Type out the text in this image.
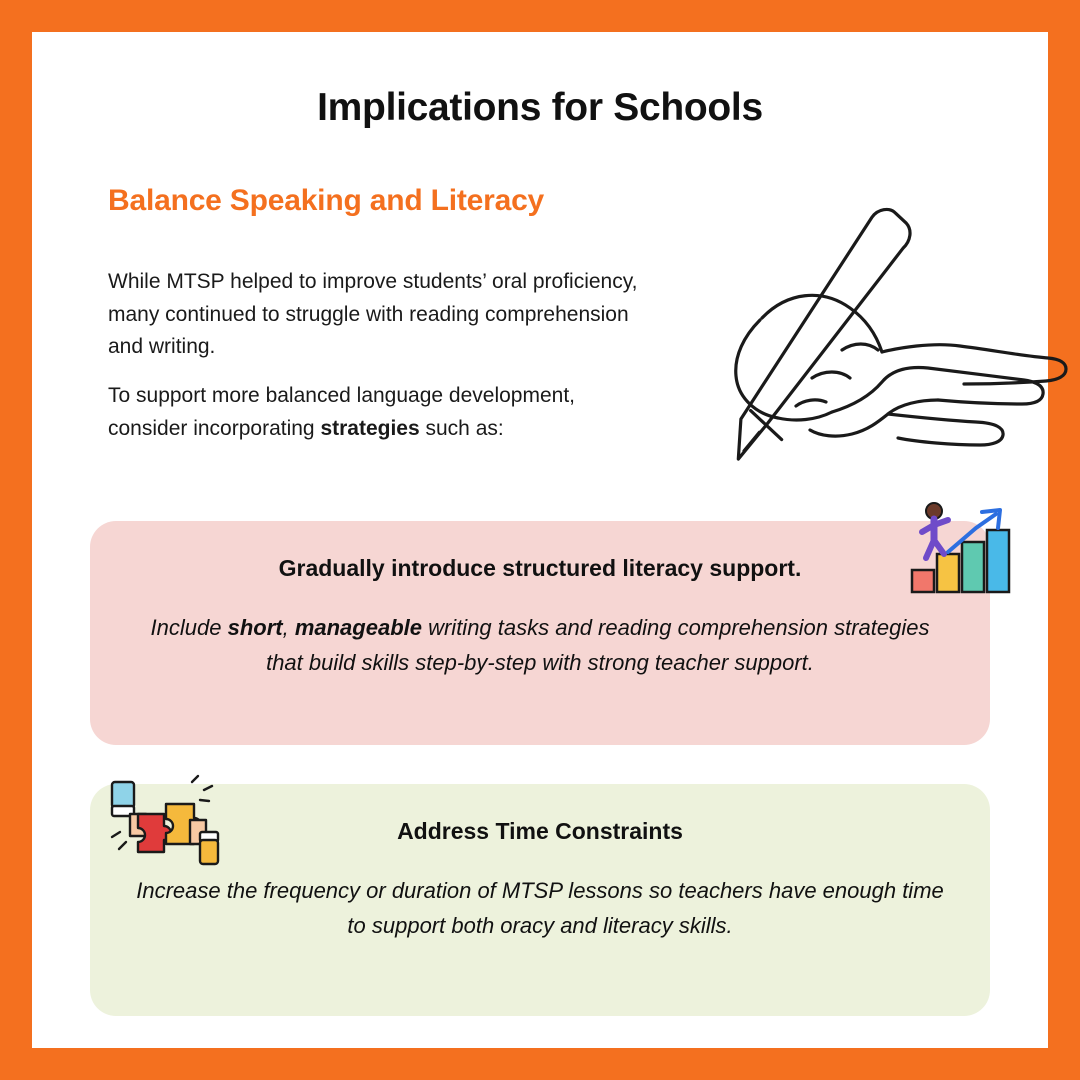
Implications for Schools
Balance Speaking and Literacy
While MTSP helped to improve students’ oral proficiency, many continued to struggle with reading comprehension and writing.
To support more balanced language development, consider incorporating strategies such as:
Gradually introduce structured literacy support.
Include short, manageable writing tasks and reading comprehension strategies that build skills step-by-step with strong teacher support.
Address Time Constraints
Increase the frequency or duration of MTSP lessons so teachers have enough time to support both oracy and literacy skills.
